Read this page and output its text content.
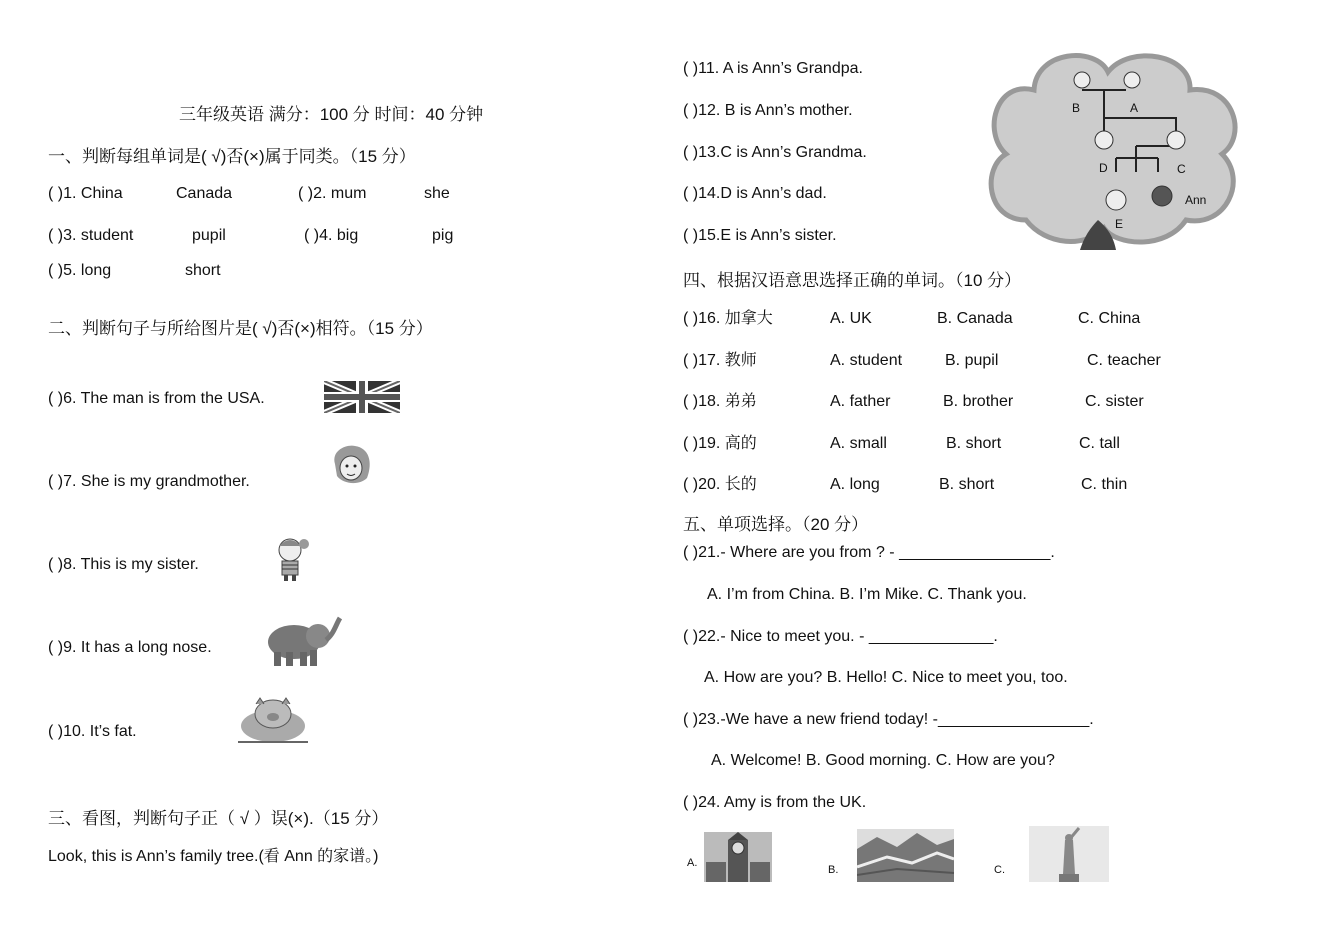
三年级英语 满分：100 分 时间：40 分钟
一、判断每组单词是( √)否(×)属于同类。（15 分）
( )1. China	Canada	( )2. mum	she
( )3. student	pupil	( )4. big	pig
( )5. long	short
二、判断句子与所给图片是( √)否(×)相符。（15 分）
( )6. The man is from the USA.
( )7. She is my grandmother.
( )8. This is my sister.
( )9. It has a long nose.
( )10. It’s fat.
三、看图，判断句子正（ √ ）误(×).（15 分）
Look, this is Ann’s family tree.(看 Ann 的家谱。)
( )11. A is Ann’s Grandpa.
( )12. B is Ann’s mother.
( )13.C is Ann’s Grandma.
( )14.D is Ann’s dad.
( )15.E is Ann’s sister.
B	A
D	C
Ann
E
四、根据汉语意思选择正确的单词。（10 分）
( )16. 加拿大	A. UK	B. Canada	C. China
( )17. 教师	A. student	B. pupil	C. teacher
( )18. 弟弟	A. father	B. brother	C. sister
( )19. 高的	A. small	B. short	C. tall
( )20. 长的	A. long	B. short	C. thin
五、单项选择。（20 分）
( )21.- Where are you from ? - _________________.
A. I’m from China. B. I’m Mike. C. Thank you.
( )22.- Nice to meet you. - ______________.
A. How are you? B. Hello! C. Nice to meet you, too.
( )23.-We have a new friend today! -_________________.
A. Welcome! B. Good morning. C. How are you?
( )24. Amy is from the UK.
A.
B.	C.
